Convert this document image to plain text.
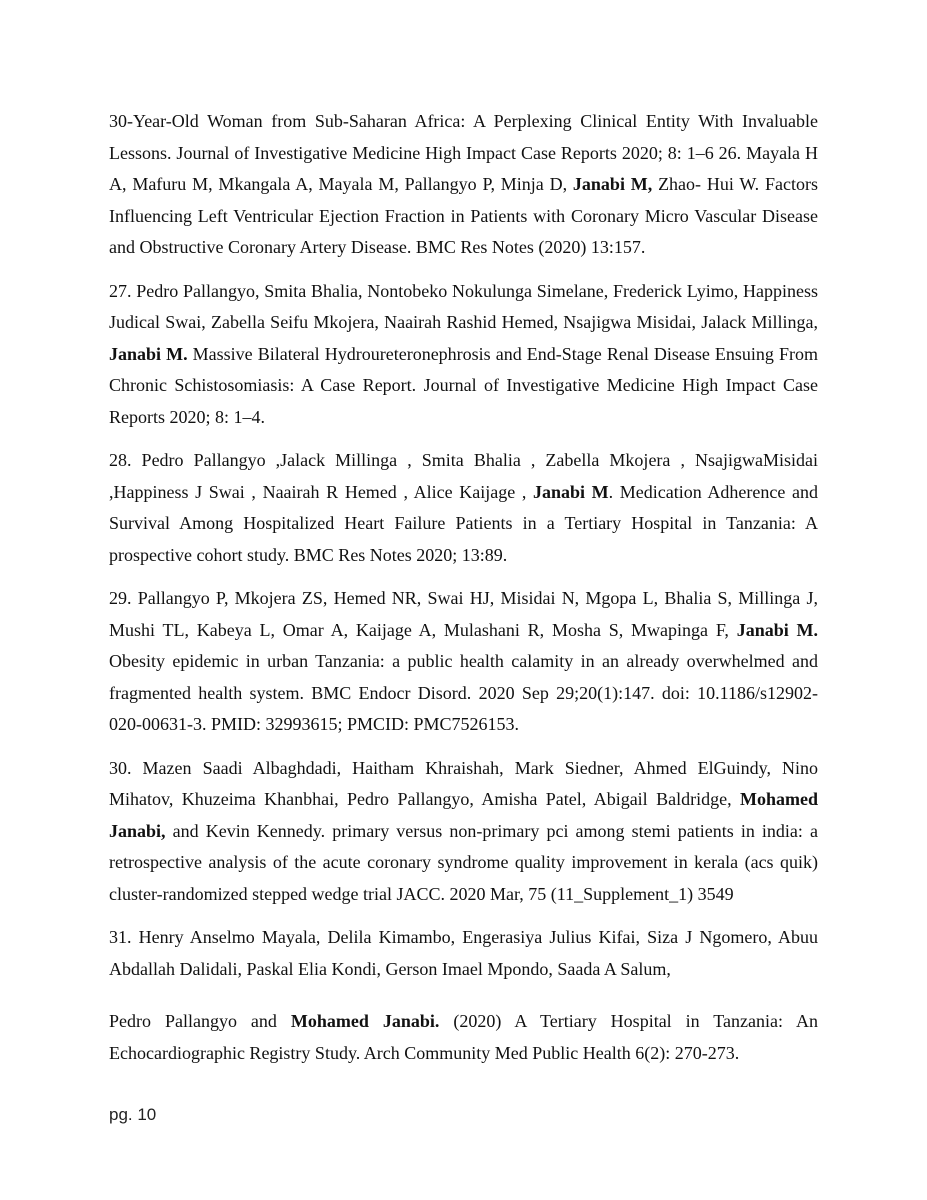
30-Year-Old Woman from Sub-Saharan Africa: A Perplexing Clinical Entity With Invaluable Lessons. Journal of Investigative Medicine High Impact Case Reports 2020; 8: 1–6 26. Mayala H A, Mafuru M, Mkangala A, Mayala M, Pallangyo P, Minja D, Janabi M, Zhao- Hui W. Factors Influencing Left Ventricular Ejection Fraction in Patients with Coronary Micro Vascular Disease and Obstructive Coronary Artery Disease. BMC Res Notes (2020) 13:157.

27. Pedro Pallangyo, Smita Bhalia, Nontobeko Nokulunga Simelane, Frederick Lyimo, Happiness Judical Swai, Zabella Seifu Mkojera, Naairah Rashid Hemed, Nsajigwa Misidai, Jalack Millinga, Janabi M. Massive Bilateral Hydroureteronephrosis and End-Stage Renal Disease Ensuing From Chronic Schistosomiasis: A Case Report. Journal of Investigative Medicine High Impact Case Reports 2020; 8: 1–4.

28. Pedro Pallangyo ,Jalack Millinga , Smita Bhalia , Zabella Mkojera , NsajigwaMisidai ,Happiness J Swai , Naairah R Hemed , Alice Kaijage , Janabi M. Medication Adherence and Survival Among Hospitalized Heart Failure Patients in a Tertiary Hospital in Tanzania: A prospective cohort study. BMC Res Notes 2020; 13:89.

29. Pallangyo P, Mkojera ZS, Hemed NR, Swai HJ, Misidai N, Mgopa L, Bhalia S, Millinga J, Mushi TL, Kabeya L, Omar A, Kaijage A, Mulashani R, Mosha S, Mwapinga F, Janabi M. Obesity epidemic in urban Tanzania: a public health calamity in an already overwhelmed and fragmented health system. BMC Endocr Disord. 2020 Sep 29;20(1):147. doi: 10.1186/s12902-020-00631-3. PMID: 32993615; PMCID: PMC7526153.

30. Mazen Saadi Albaghdadi, Haitham Khraishah, Mark Siedner, Ahmed ElGuindy, Nino Mihatov, Khuzeima Khanbhai, Pedro Pallangyo, Amisha Patel, Abigail Baldridge, Mohamed Janabi, and Kevin Kennedy. primary versus non-primary pci among stemi patients in india: a retrospective analysis of the acute coronary syndrome quality improvement in kerala (acs quik) cluster-randomized stepped wedge trial JACC. 2020 Mar, 75 (11_Supplement_1) 3549

31. Henry Anselmo Mayala, Delila Kimambo, Engerasiya Julius Kifai, Siza J Ngomero, Abuu Abdallah Dalidali, Paskal Elia Kondi, Gerson Imael Mpondo, Saada A Salum,

Pedro Pallangyo and Mohamed Janabi. (2020) A Tertiary Hospital in Tanzania: An Echocardiographic Registry Study. Arch Community Med Public Health 6(2): 270-273.

pg. 10
